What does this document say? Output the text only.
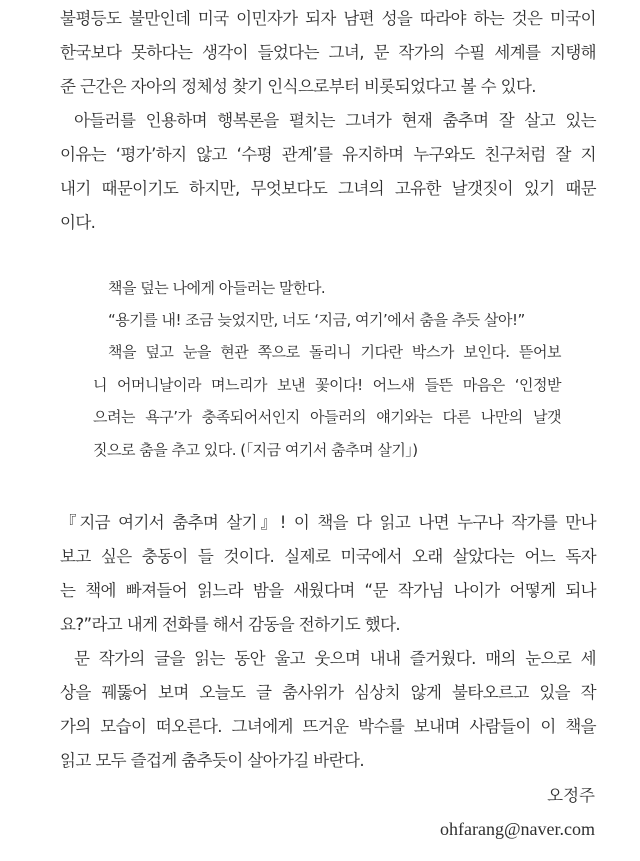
불평등도 불만인데 미국 이민자가 되자 남편 성을 따라야 하는 것은 미국이
한국보다 못하다는 생각이 들었다는 그녀, 문 작가의 수필 세계를 지탱해
준 근간은 자아의 정체성 찾기 인식으로부터 비롯되었다고 볼 수 있다.
아들러를 인용하며 행복론을 펼치는 그녀가 현재 춤추며 잘 살고 있는
이유는 ‘평가’하지 않고 ‘수평 관계’를 유지하며 누구와도 친구처럼 잘 지
내기 때문이기도 하지만, 무엇보다도 그녀의 고유한 날갯짓이 있기 때문
이다.
책을 덮는 나에게 아들러는 말한다.
“용기를 내! 조금 늦었지만, 너도 ‘지금, 여기’에서 춤을 추듯 살아!”
책을 덮고 눈을 현관 쪽으로 돌리니 기다란 박스가 보인다. 뜯어보
니 어머니날이라 며느리가 보낸 꽃이다! 어느새 들뜬 마음은 ‘인정받
으려는 욕구’가 충족되어서인지 아들러의 얘기와는 다른 나만의 날갯
짓으로 춤을 추고 있다. (「지금 여기서 춤추며 살기」)
『지금 여기서 춤추며 살기』! 이 책을 다 읽고 나면 누구나 작가를 만나
보고 싶은 충동이 들 것이다. 실제로 미국에서 오래 살았다는 어느 독자
는 책에 빠져들어 읽느라 밤을 새웠다며 “문 작가님 나이가 어떻게 되나
요?”라고 내게 전화를 해서 감동을 전하기도 했다.
문 작가의 글을 읽는 동안 울고 웃으며 내내 즐거웠다. 매의 눈으로 세
상을 꿰뚫어 보며 오늘도 글 춤사위가 심상치 않게 불타오르고 있을 작
가의 모습이 떠오른다. 그녀에게 뜨거운 박수를 보내며 사람들이 이 책을
읽고 모두 즐겁게 춤추듯이 살아가길 바란다.
오정주
ohfarang@naver.com
